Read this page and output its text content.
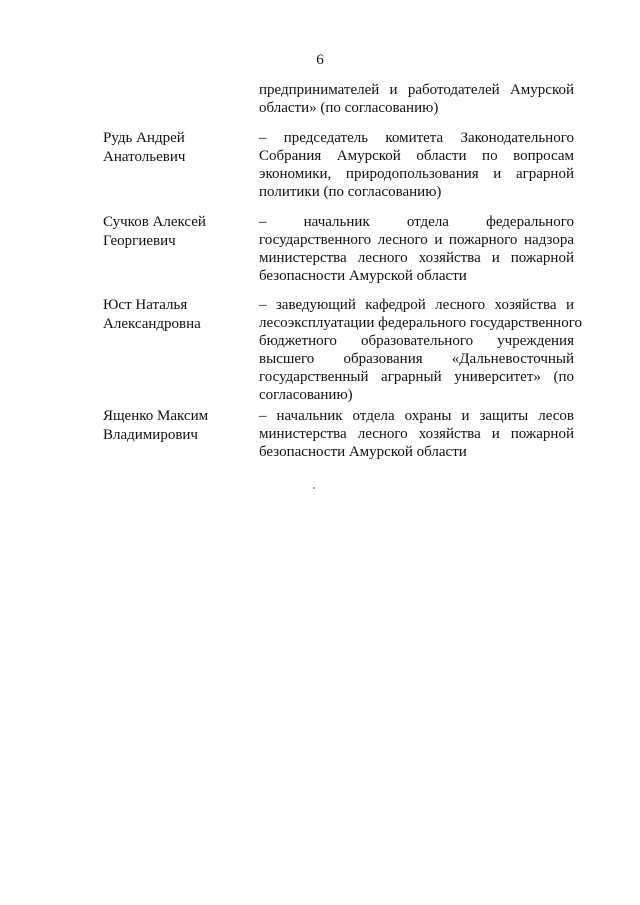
6
предпринимателей и работодателей Амурской
области» (по согласованию)
Рудь Андрей
Анатольевич
– председатель комитета Законодательного
Собрания Амурской области по вопросам
экономики, природопользования и аграрной
политики (по согласованию)
Сучков Алексей
Георгиевич
– начальник отдела федерального
государственного лесного и пожарного надзора
министерства лесного хозяйства и пожарной
безопасности Амурской области
Юст Наталья
Александровна
– заведующий кафедрой лесного хозяйства и
лесоэксплуатации федерального государственного
бюджетного образовательного учреждения
высшего образования «Дальневосточный
государственный аграрный университет» (по
согласованию)
Ященко Максим
Владимирович
– начальник отдела охраны и защиты лесов
министерства лесного хозяйства и пожарной
безопасности Амурской области
